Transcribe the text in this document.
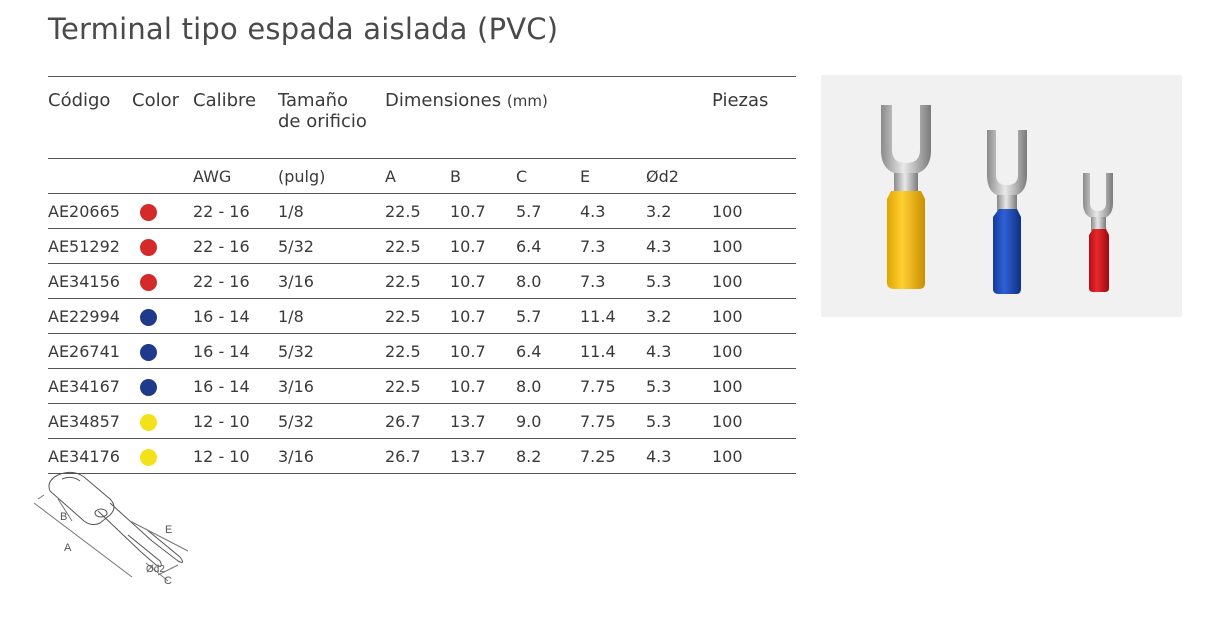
Terminal tipo espada aislada (PVC)
Código	Color	Calibre	Tamaño
de orificio	Dimensiones (mm)					Piezas
		AWG	(pulg)	A	B	C	E	Ød2	
AE20665		22 - 16	1/8	22.5	10.7	5.7	4.3	3.2	100
AE51292		22 - 16	5/32	22.5	10.7	6.4	7.3	4.3	100
AE34156		22 - 16	3/16	22.5	10.7	8.0	7.3	5.3	100
AE22994		16 - 14	1/8	22.5	10.7	5.7	11.4	3.2	100
AE26741		16 - 14	5/32	22.5	10.7	6.4	11.4	4.3	100
AE34167		16 - 14	3/16	22.5	10.7	8.0	7.75	5.3	100
AE34857		12 - 10	5/32	26.7	13.7	9.0	7.75	5.3	100
AE34176		12 - 10	3/16	26.7	13.7	8.2	7.25	4.3	100
B
A
E
Ød2
C
